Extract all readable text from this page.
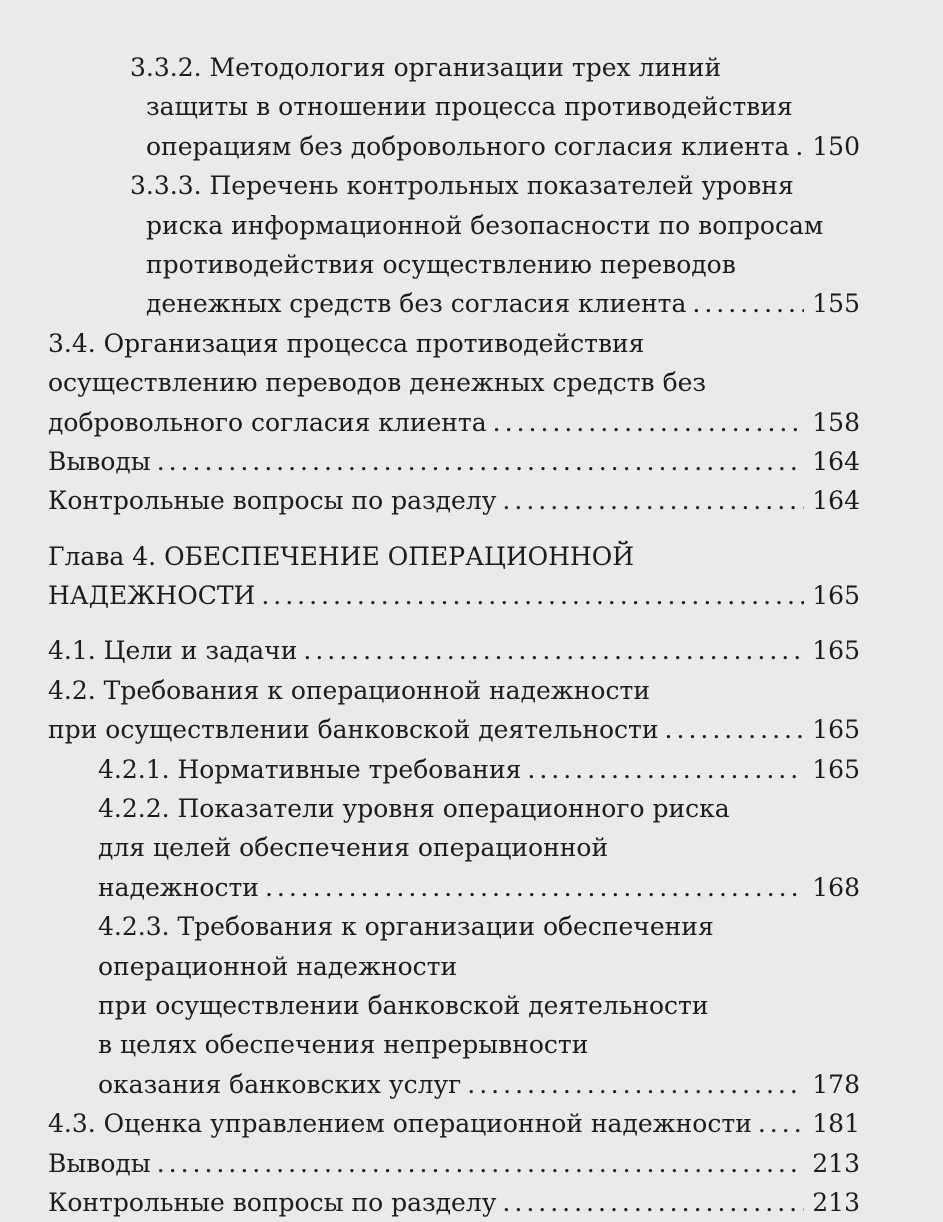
3.3.2. Методология организации трех линий
защиты в отношении процесса противодействия
операциям без добровольного согласия клиента ..... 150
3.3.3. Перечень контрольных показателей уровня
риска информационной безопасности по вопросам
противодействия осуществлению переводов
денежных средств без согласия клиента .....	155
3.4. Организация процесса противодействия
осуществлению переводов денежных средств без
добровольного согласия клиента .....	158
Выводы .....	164
Контрольные вопросы по разделу .....	164
Глава 4. ОБЕСПЕЧЕНИЕ ОПЕРАЦИОННОЙ
НАДЕЖНОСТИ .....	165
4.1. Цели и задачи .....	165
4.2. Требования к операционной надежности
при осуществлении банковской деятельности .....	165
4.2.1. Нормативные требования .....	165
4.2.2. Показатели уровня операционного риска
для целей обеспечения операционной
надежности .....	168
4.2.3. Требования к организации обеспечения
операционной надежности
при осуществлении банковской деятельности
в целях обеспечения непрерывности
оказания банковских услуг .....	178
4.3. Оценка управлением операционной надежности ..... 181
Выводы .....	213
Контрольные вопросы по разделу .....	213
